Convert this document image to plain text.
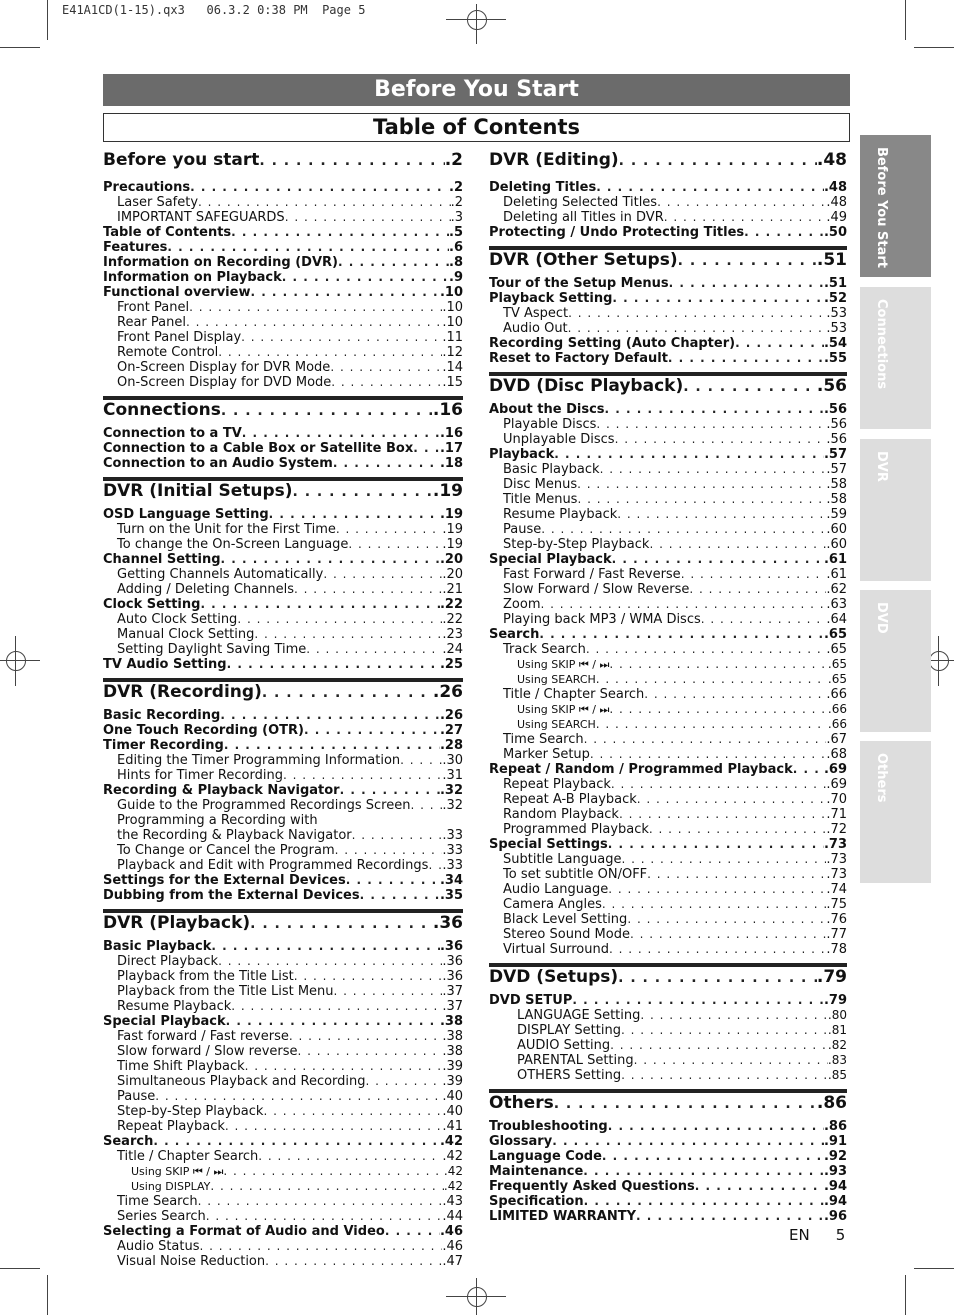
E41A1CD(1-15).qx3   06.3.2 0:38 PM  Page 5
Before You Start
Table of Contents
Before you start . . .	.2
Precautions . . .	.2
Laser Safety . . .	.2
IMPORTANT SAFEGUARDS . . .	.3
Table of Contents . . .	.5
Features . . .	.6
Information on Recording (DVR) . . .	.8
Information on Playback . . .	.9
Functional overview . . .	.10
Front Panel . . .	.10
Rear Panel . . .	.10
Front Panel Display . . .	.11
Remote Control . . .	.12
On-Screen Display for DVR Mode . . .	.14
On-Screen Display for DVD Mode . . .	.15
Connections . . .	.16
Connection to a TV . . .	.16
Connection to a Cable Box or Satellite Box . . . .17
Connection to an Audio System . . .	.18
DVR (Initial Setups) . . .	.19
OSD Language Setting . . .	.19
Turn on the Unit for the First Time . . .	.19
To change the On-Screen Language . . .	.19
Channel Setting . . .	.20
Getting Channels Automatically . . .	.20
Adding / Deleting Channels . . .	.21
Clock Setting . . .	.22
Auto Clock Setting . . .	.22
Manual Clock Setting . . .	.23
Setting Daylight Saving Time . . .	.24
TV Audio Setting . . .	.25
DVR (Recording) . . .	.26
Basic Recording . . .	.26
One Touch Recording (OTR) . . .	.27
Timer Recording . . .	.28
Editing the Timer Programming Information . . .	.30
Hints for Timer Recording . . .	.31
Recording & Playback Navigator . . .	.32
Guide to the Programmed Recordings Screen . . . .32
Programming a Recording with
the Recording & Playback Navigator . . .	.33
To Change or Cancel the Program . . .	.33
Playback and Edit with Programmed Recordings . . . .33
Settings for the External Devices . . .	.34
Dubbing from the External Devices . . .	.35
DVR (Playback) . . .	.36
Basic Playback . . .	.36
Direct Playback . . .	.36
Playback from the Title List . . .	.36
Playback from the Title List Menu . . .	.37
Resume Playback . . .	.37
Special Playback . . .	.38
Fast forward / Fast reverse . . .	.38
Slow forward / Slow reverse . . .	.38
Time Shift Playback . . .	.39
Simultaneous Playback and Recording . . .	.39
Pause . . .	.40
Step-by-Step Playback . . .	.40
Repeat Playback . . .	.41
Search . . .	.42
Title / Chapter Search . . .	.42
Using SKIP ⏮ / ⏭ . . .	.42
Using DISPLAY . . .	.42
Time Search . . .	.43
Series Search . . .	.44
Selecting a Format of Audio and Video . . .	.46
Audio Status . . .	.46
Visual Noise Reduction . . .	.47
DVR (Editing) . . .	.48
Deleting Titles . . .	.48
Deleting Selected Titles . . .	.48
Deleting all Titles in DVR . . .	.49
Protecting / Undo Protecting Titles . . .	.50
DVR (Other Setups) . . .	.51
Tour of the Setup Menus . . .	.51
Playback Setting . . .	.52
TV Aspect . . .	.53
Audio Out . . .	.53
Recording Setting (Auto Chapter) . . .	.54
Reset to Factory Default . . .	.55
DVD (Disc Playback) . . .	.56
About the Discs . . .	.56
Playable Discs . . .	.56
Unplayable Discs . . .	.56
Playback . . .	.57
Basic Playback . . .	.57
Disc Menus . . .	.58
Title Menus . . .	.58
Resume Playback . . .	.59
Pause . . .	.60
Step-by-Step Playback . . .	.60
Special Playback . . .	.61
Fast Forward / Fast Reverse . . .	.61
Slow Forward / Slow Reverse . . .	.62
Zoom . . .	.63
Playing back MP3 / WMA Discs . . .	.64
Search . . .	.65
Track Search . . .	.65
Using SKIP ⏮ / ⏭ . . .	.65
Using SEARCH . . .	.65
Title / Chapter Search . . .	.66
Using SKIP ⏮ / ⏭ . . .	.66
Using SEARCH . . .	.66
Time Search . . .	.67
Marker Setup . . .	.68
Repeat / Random / Programmed Playback . . . .69
Repeat Playback . . .	.69
Repeat A-B Playback . . .	.70
Random Playback . . .	.71
Programmed Playback . . .	.72
Special Settings . . .	.73
Subtitle Language . . .	.73
To set subtitle ON/OFF . . .	.73
Audio Language . . .	.74
Camera Angles . . .	.75
Black Level Setting . . .	.76
Stereo Sound Mode . . .	.77
Virtual Surround . . .	.78
DVD (Setups) . . .	.79
DVD SETUP . . .	.79
LANGUAGE Setting . . .	.80
DISPLAY Setting . . .	.81
AUDIO Setting . . .	.82
PARENTAL Setting . . .	.83
OTHERS Setting . . .	.85
Others . . .	.86
Troubleshooting . . .	.86
Glossary . . .	.91
Language Code . . .	.92
Maintenance . . .	.93
Frequently Asked Questions . . .	.94
Specification . . .	.94
LIMITED WARRANTY . . .	.96
Before You Start
Connections
DVR
DVD
Others
EN 5
